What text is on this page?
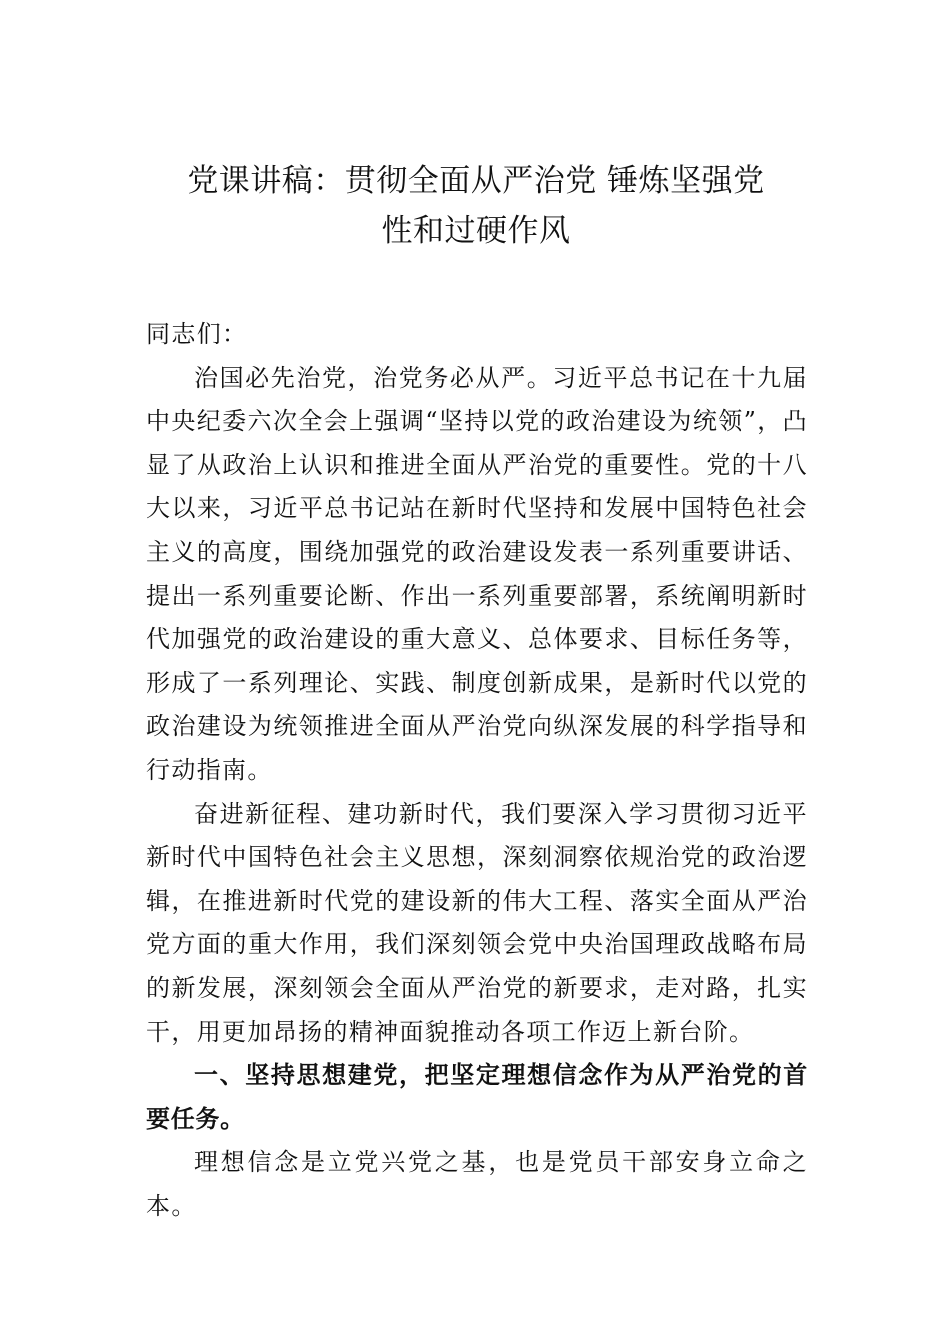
党课讲稿：贯彻全面从严治党 锤炼坚强党
性和过硬作风

同志们：

治国必先治党，治党务必从严。习近平总书记在十九届中央纪委六次全会上强调“坚持以党的政治建设为统领”，凸显了从政治上认识和推进全面从严治党的重要性。党的十八大以来，习近平总书记站在新时代坚持和发展中国特色社会主义的高度，围绕加强党的政治建设发表一系列重要讲话、提出一系列重要论断、作出一系列重要部署，系统阐明新时代加强党的政治建设的重大意义、总体要求、目标任务等，形成了一系列理论、实践、制度创新成果，是新时代以党的政治建设为统领推进全面从严治党向纵深发展的科学指导和行动指南。

奋进新征程、建功新时代，我们要深入学习贯彻习近平新时代中国特色社会主义思想，深刻洞察依规治党的政治逻辑，在推进新时代党的建设新的伟大工程、落实全面从严治党方面的重大作用，我们深刻领会党中央治国理政战略布局的新发展，深刻领会全面从严治党的新要求，走对路，扎实干，用更加昂扬的精神面貌推动各项工作迈上新台阶。

一、坚持思想建党，把坚定理想信念作为从严治党的首要任务。

理想信念是立党兴党之基，也是党员干部安身立命之本。
